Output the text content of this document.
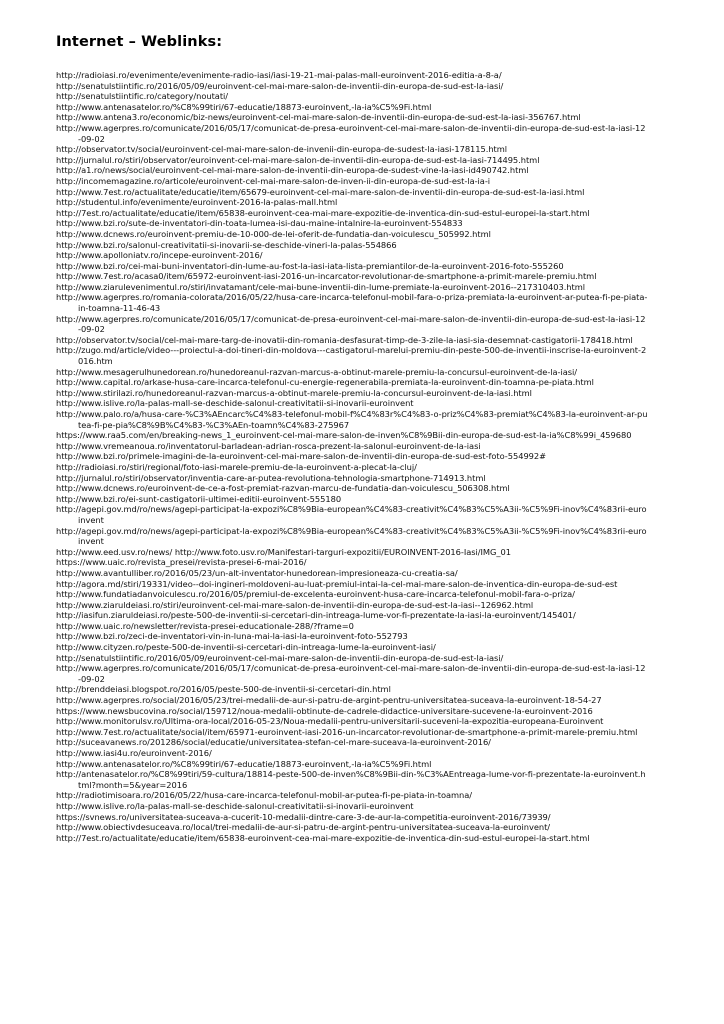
Internet – Weblinks:
http://radioiasi.ro/evenimente/evenimente-radio-iasi/iasi-19-21-mai-palas-mall-euroinvent-2016-editia-a-8-a/
http://senatulstiintific.ro/2016/05/09/euroinvent-cel-mai-mare-salon-de-inventii-din-europa-de-sud-est-la-iasi/
http://senatulstiintific.ro/category/noutati/
http://www.antenasatelor.ro/%C8%99tiri/67-educatie/18873-euroinvent,-la-ia%C5%9Fi.html
http://www.antena3.ro/economic/biz-news/euroinvent-cel-mai-mare-salon-de-inventii-din-europa-de-sud-est-la-iasi-356767.html
http://www.agerpres.ro/comunicate/2016/05/17/comunicat-de-presa-euroinvent-cel-mai-mare-salon-de-inventii-din-europa-de-sud-est-la-iasi-12-09-02
http://observator.tv/social/euroinvent-cel-mai-mare-salon-de-invenii-din-europa-de-sudest-la-iasi-178115.html
http://jurnalul.ro/stiri/observator/euroinvent-cel-mai-mare-salon-de-inventii-din-europa-de-sud-est-la-iasi-714495.html
http://a1.ro/news/social/euroinvent-cel-mai-mare-salon-de-inventii-din-europa-de-sudest-vine-la-iasi-id490742.html
http://incomemagazine.ro/articole/euroinvent-cel-mai-mare-salon-de-inven-ii-din-europa-de-sud-est-la-ia-i
http://www.7est.ro/actualitate/educatie/item/65679-euroinvent-cel-mai-mare-salon-de-inventii-din-europa-de-sud-est-la-iasi.html
http://studentul.info/evenimente/euroinvent-2016-la-palas-mall.html
http://7est.ro/actualitate/educatie/item/65838-euroinvent-cea-mai-mare-expozitie-de-inventica-din-sud-estul-europei-la-start.html
http://www.bzi.ro/sute-de-inventatori-din-toata-lumea-isi-dau-maine-intalnire-la-euroinvent-554833
http://www.dcnews.ro/euroinvent-premiu-de-10-000-de-lei-oferit-de-fundatia-dan-voiculescu_505992.html
http://www.bzi.ro/salonul-creativitatii-si-inovarii-se-deschide-vineri-la-palas-554866
http://www.apolloniatv.ro/incepe-euroinvent-2016/
http://www.bzi.ro/cei-mai-buni-inventatori-din-lume-au-fost-la-iasi-iata-lista-premiantilor-de-la-euroinvent-2016-foto-555260
http://www.7est.ro/acasa0/item/65972-euroinvent-iasi-2016-un-incarcator-revolutionar-de-smartphone-a-primit-marele-premiu.html
http://www.ziarulevenimentul.ro/stiri/invatamant/cele-mai-bune-inventii-din-lume-premiate-la-euroinvent-2016--217310403.html
http://www.agerpres.ro/romania-colorata/2016/05/22/husa-care-incarca-telefonul-mobil-fara-o-priza-premiata-la-euroinvent-ar-putea-fi-pe-piata-in-toamna-11-46-43
http://www.agerpres.ro/comunicate/2016/05/17/comunicat-de-presa-euroinvent-cel-mai-mare-salon-de-inventii-din-europa-de-sud-est-la-iasi-12-09-02
http://observator.tv/social/cel-mai-mare-targ-de-inovatii-din-romania-desfasurat-timp-de-3-zile-la-iasi-sia-desemnat-castigatorii-178418.html
http://zugo.md/article/video---proiectul-a-doi-tineri-din-moldova---castigatorul-marelui-premiu-din-peste-500-de-inventii-inscrise-la-euroinvent-2016.htm
http://www.mesagerulhunedorean.ro/hunedoreanul-razvan-marcus-a-obtinut-marele-premiu-la-concursul-euroinvent-de-la-iasi/
http://www.capital.ro/arkase-husa-care-incarca-telefonul-cu-energie-regenerabila-premiata-la-euroinvent-din-toamna-pe-piata.html
http://www.stirilazi.ro/hunedoreanul-razvan-marcus-a-obtinut-marele-premiu-la-concursul-euroinvent-de-la-iasi.html
http://www.islive.ro/la-palas-mall-se-deschide-salonul-creativitatii-si-inovarii-euroinvent
http://www.palo.ro/a/husa-care-%C3%AEncarc%C4%83-telefonul-mobil-f%C4%83r%C4%83-o-priz%C4%83-premiat%C4%83-la-euroinvent-ar-putea-fi-pe-pia%C8%9B%C4%83-%C3%AEn-toamn%C4%83-275967
https://www.raa5.com/en/breaking-news_1_euroinvent-cel-mai-mare-salon-de-inven%C8%9Bii-din-europa-de-sud-est-la-ia%C8%99i_459680
http://www.vremeanoua.ro/inventatorul-barladean-adrian-rosca-prezent-la-salonul-euroinvent-de-la-iasi
http://www.bzi.ro/primele-imagini-de-la-euroinvent-cel-mai-mare-salon-de-inventii-din-europa-de-sud-est-foto-554992#
http://radioiasi.ro/stiri/regional/foto-iasi-marele-premiu-de-la-euroinvent-a-plecat-la-cluj/
http://jurnalul.ro/stiri/observator/inventia-care-ar-putea-revolutiona-tehnologia-smartphone-714913.html
http://www.dcnews.ro/euroinvent-de-ce-a-fost-premiat-razvan-marcu-de-fundatia-dan-voiculescu_506308.html
http://www.bzi.ro/ei-sunt-castigatorii-ultimei-editii-euroinvent-555180
http://agepi.gov.md/ro/news/agepi-participat-la-expozi%C8%9Bia-european%C4%83-creativit%C4%83%C5%A3ii-%C5%9Fi-inov%C4%83rii-euroinvent
http://agepi.gov.md/ro/news/agepi-participat-la-expozi%C8%9Bia-european%C4%83-creativit%C4%83%C5%A3ii-%C5%9Fi-inov%C4%83rii-euroinvent
http://www.eed.usv.ro/news/ http://www.foto.usv.ro/Manifestari-targuri-expozitii/EUROINVENT-2016-Iasi/IMG_01
https://www.uaic.ro/revista_presei/revista-presei-6-mai-2016/
http://www.avantulliber.ro/2016/05/23/un-alt-inventator-hunedorean-impresioneaza-cu-creatia-sa/
http://agora.md/stiri/19331/video--doi-ingineri-moldoveni-au-luat-premiul-intai-la-cel-mai-mare-salon-de-inventica-din-europa-de-sud-est
http://www.fundatiadanvoiculescu.ro/2016/05/premiul-de-excelenta-euroinvent-husa-care-incarca-telefonul-mobil-fara-o-priza/
http://www.ziaruldeiasi.ro/stiri/euroinvent-cel-mai-mare-salon-de-inventii-din-europa-de-sud-est-la-iasi--126962.html
http://iasifun.ziaruldeiasi.ro/peste-500-de-inventii-si-cercetari-din-intreaga-lume-vor-fi-prezentate-la-iasi-la-euroinvent/145401/
http://www.uaic.ro/newsletter/revista-presei-educationale-288/?frame=0
http://www.bzi.ro/zeci-de-inventatori-vin-in-luna-mai-la-iasi-la-euroinvent-foto-552793
http://www.cityzen.ro/peste-500-de-inventii-si-cercetari-din-intreaga-lume-la-euroinvent-iasi/
http://senatulstiintific.ro/2016/05/09/euroinvent-cel-mai-mare-salon-de-inventii-din-europa-de-sud-est-la-iasi/
http://www.agerpres.ro/comunicate/2016/05/17/comunicat-de-presa-euroinvent-cel-mai-mare-salon-de-inventii-din-europa-de-sud-est-la-iasi-12-09-02
http://brenddeiasi.blogspot.ro/2016/05/peste-500-de-inventii-si-cercetari-din.html
http://www.agerpres.ro/social/2016/05/23/trei-medalii-de-aur-si-patru-de-argint-pentru-universitatea-suceava-la-euroinvent-18-54-27
https://www.newsbucovina.ro/social/159712/noua-medalii-obtinute-de-cadrele-didactice-universitare-sucevene-la-euroinvent-2016
http://www.monitorulsv.ro/Ultima-ora-local/2016-05-23/Noua-medalii-pentru-universitarii-suceveni-la-expozitia-europeana-Euroinvent
http://www.7est.ro/actualitate/social/item/65971-euroinvent-iasi-2016-un-incarcator-revolutionar-de-smartphone-a-primit-marele-premiu.html
http://suceavanews.ro/201286/social/educatie/universitatea-stefan-cel-mare-suceava-la-euroinvent-2016/
http://www.iasi4u.ro/euroinvent-2016/
http://www.antenasatelor.ro/%C8%99tiri/67-educatie/18873-euroinvent,-la-ia%C5%9Fi.html
http://antenasatelor.ro/%C8%99tiri/59-cultura/18814-peste-500-de-inven%C8%9Bii-din-%C3%AEntreaga-lume-vor-fi-prezentate-la-euroinvent.html?month=5&year=2016
http://radiotimisoara.ro/2016/05/22/husa-care-incarca-telefonul-mobil-ar-putea-fi-pe-piata-in-toamna/
http://www.islive.ro/la-palas-mall-se-deschide-salonul-creativitatii-si-inovarii-euroinvent
https://svnews.ro/universitatea-suceava-a-cucerit-10-medalii-dintre-care-3-de-aur-la-competitia-euroinvent-2016/73939/
http://www.obiectivdesuceava.ro/local/trei-medalii-de-aur-si-patru-de-argint-pentru-universitatea-suceava-la-euroinvent/
http://7est.ro/actualitate/educatie/item/65838-euroinvent-cea-mai-mare-expozitie-de-inventica-din-sud-estul-europei-la-start.html
